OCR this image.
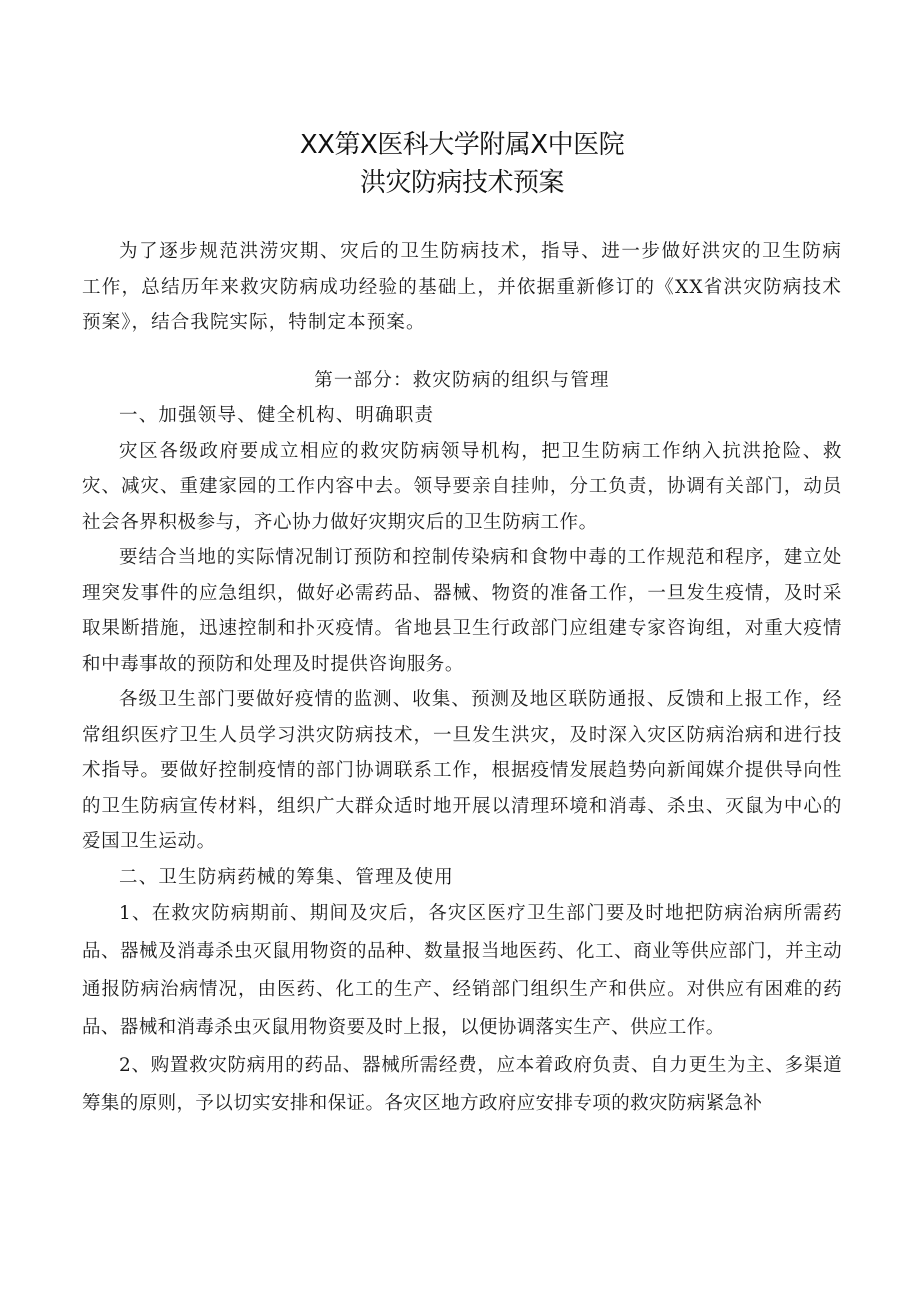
XX第X医科大学附属X中医院
洪灾防病技术预案

为了逐步规范洪涝灾期、灾后的卫生防病技术，指导、进一步做好洪灾的卫生防病工作，总结历年来救灾防病成功经验的基础上，并依据重新修订的《XX省洪灾防病技术预案》，结合我院实际，特制定本预案。

第一部分：救灾防病的组织与管理

一、加强领导、健全机构、明确职责

灾区各级政府要成立相应的救灾防病领导机构，把卫生防病工作纳入抗洪抢险、救灾、减灾、重建家园的工作内容中去。领导要亲自挂帅，分工负责，协调有关部门，动员社会各界积极参与，齐心协力做好灾期灾后的卫生防病工作。

要结合当地的实际情况制订预防和控制传染病和食物中毒的工作规范和程序，建立处理突发事件的应急组织，做好必需药品、器械、物资的准备工作，一旦发生疫情，及时采取果断措施，迅速控制和扑灭疫情。省地县卫生行政部门应组建专家咨询组，对重大疫情和中毒事故的预防和处理及时提供咨询服务。

各级卫生部门要做好疫情的监测、收集、预测及地区联防通报、反馈和上报工作，经常组织医疗卫生人员学习洪灾防病技术，一旦发生洪灾，及时深入灾区防病治病和进行技术指导。要做好控制疫情的部门协调联系工作，根据疫情发展趋势向新闻媒介提供导向性的卫生防病宣传材料，组织广大群众适时地开展以清理环境和消毒、杀虫、灭鼠为中心的爱国卫生运动。

二、卫生防病药械的筹集、管理及使用

1、在救灾防病期前、期间及灾后，各灾区医疗卫生部门要及时地把防病治病所需药品、器械及消毒杀虫灭鼠用物资的品种、数量报当地医药、化工、商业等供应部门，并主动通报防病治病情况，由医药、化工的生产、经销部门组织生产和供应。对供应有困难的药品、器械和消毒杀虫灭鼠用物资要及时上报，以便协调落实生产、供应工作。

2、购置救灾防病用的药品、器械所需经费，应本着政府负责、自力更生为主、多渠道筹集的原则，予以切实安排和保证。各灾区地方政府应安排专项的救灾防病紧急补
